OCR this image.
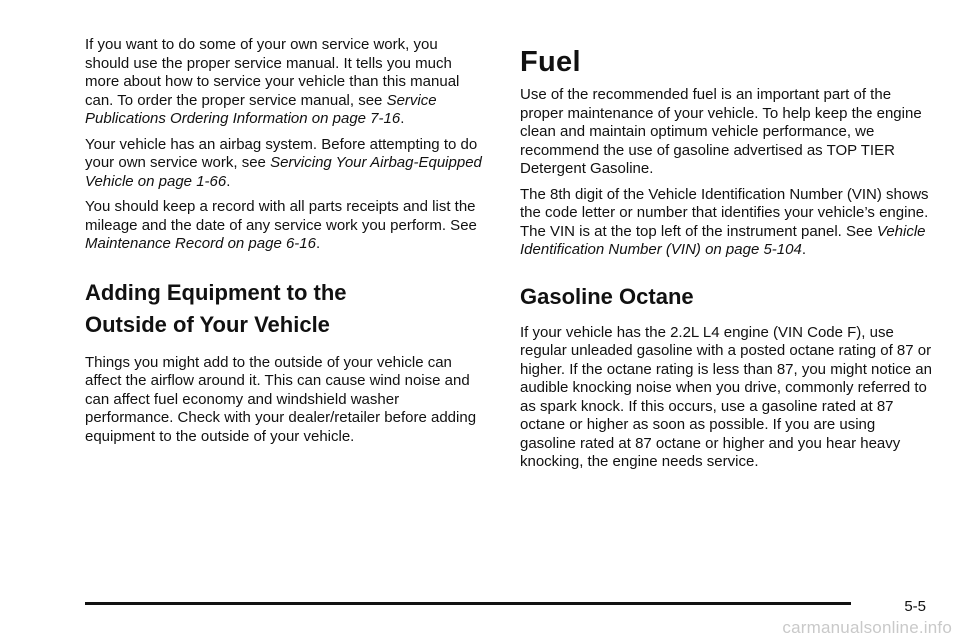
If you want to do some of your own service work, you should use the proper service manual. It tells you much more about how to service your vehicle than this manual can. To order the proper service manual, see Service Publications Ordering Information on page 7-16.

Your vehicle has an airbag system. Before attempting to do your own service work, see Servicing Your Airbag-Equipped Vehicle on page 1-66.

You should keep a record with all parts receipts and list the mileage and the date of any service work you perform. See Maintenance Record on page 6-16.

Adding Equipment to the
Outside of Your Vehicle

Things you might add to the outside of your vehicle can affect the airflow around it. This can cause wind noise and can affect fuel economy and windshield washer performance. Check with your dealer/retailer before adding equipment to the outside of your vehicle.

Fuel

Use of the recommended fuel is an important part of the proper maintenance of your vehicle. To help keep the engine clean and maintain optimum vehicle performance, we recommend the use of gasoline advertised as TOP TIER Detergent Gasoline.

The 8th digit of the Vehicle Identification Number (VIN) shows the code letter or number that identifies your vehicle’s engine. The VIN is at the top left of the instrument panel. See Vehicle Identification Number (VIN) on page 5-104.

Gasoline Octane

If your vehicle has the 2.2L L4 engine (VIN Code F), use regular unleaded gasoline with a posted octane rating of 87 or higher. If the octane rating is less than 87, you might notice an audible knocking noise when you drive, commonly referred to as spark knock. If this occurs, use a gasoline rated at 87 octane or higher as soon as possible. If you are using gasoline rated at 87 octane or higher and you hear heavy knocking, the engine needs service.

5-5
carmanualsonline.info
